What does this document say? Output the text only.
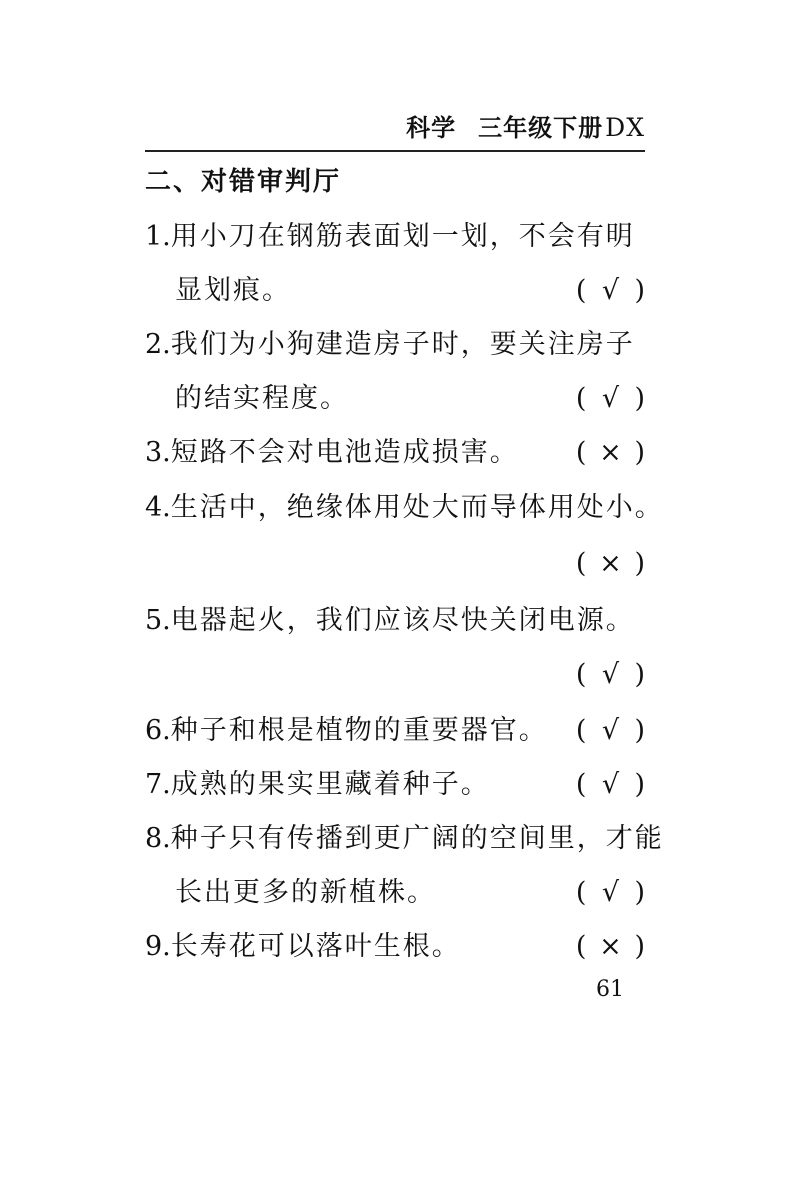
科学 三年级下册DX
二、对错审判厅
1.用小刀在钢筋表面划一划，不会有明
显划痕。	( √ )
2.我们为小狗建造房子时，要关注房子
的结实程度。	( √ )
3.短路不会对电池造成损害。 ( × )
4.生活中，绝缘体用处大而导体用处小。
( × )
5.电器起火，我们应该尽快关闭电源。
( √ )
6.种子和根是植物的重要器官。 ( √ )
7.成熟的果实里藏着种子。	( √ )
8.种子只有传播到更广阔的空间里，才能
长出更多的新植株。	( √ )
9.长寿花可以落叶生根。	( × )
61
